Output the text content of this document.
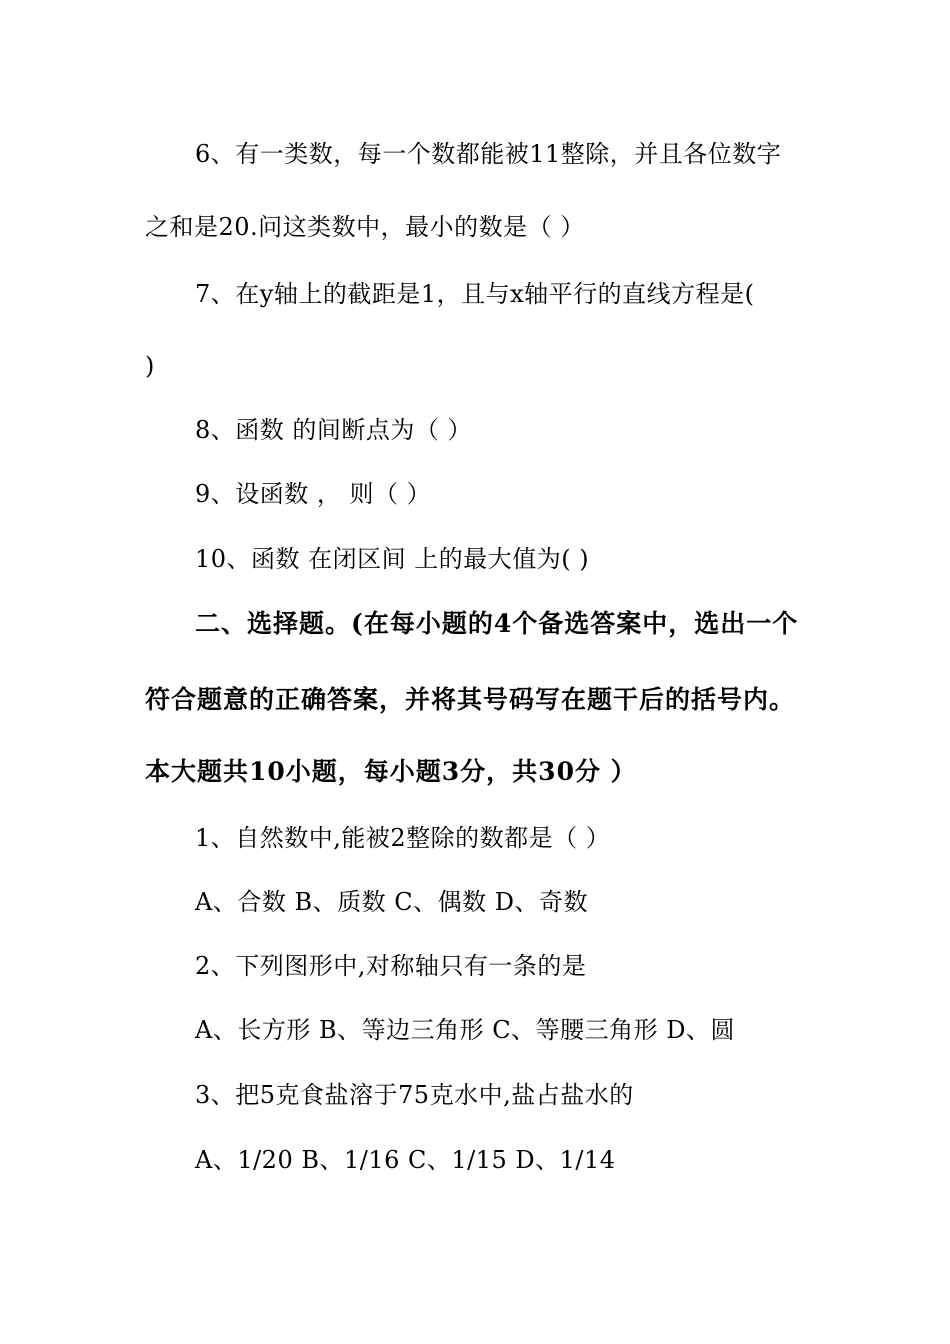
6、有一类数，每一个数都能被11整除，并且各位数字
之和是20.问这类数中，最小的数是（ ）
7、在y轴上的截距是1，且与x轴平行的直线方程是(
)
8、函数 的间断点为（ ）
9、设函数 ， 则（ ）
10、函数 在闭区间 上的最大值为( )
二、选择题。(在每小题的4个备选答案中，选出一个
符合题意的正确答案，并将其号码写在题干后的括号内。
本大题共10小题，每小题3分，共30分 ）
1、自然数中,能被2整除的数都是（ ）
A、合数 B、质数 C、偶数 D、奇数
2、下列图形中,对称轴只有一条的是
A、长方形 B、等边三角形 C、等腰三角形 D、圆
3、把5克食盐溶于75克水中,盐占盐水的
A、1/20 B、1/16 C、1/15 D、1/14
